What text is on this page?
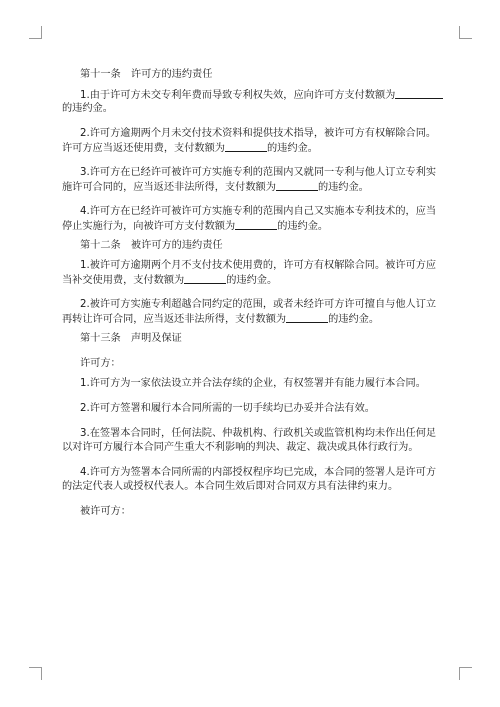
第十一条　许可方的违约责任
1.由于许可方未交专利年费而导致专利权失效，应向许可方支付数额为
的违约金。
2.许可方逾期两个月未交付技术资料和提供技术指导，被许可方有权解除合同。
许可方应当返还使用费，支付数额为	的违约金。
3.许可方在已经许可被许可方实施专利的范围内又就同一专利与他人订立专利实
施许可合同的，应当返还非法所得，支付数额为	的违约金。
4.许可方在已经许可被许可方实施专利的范围内自己又实施本专利技术的，应当
停止实施行为，向被许可方支付数额为	的违约金。
第十二条　被许可方的违约责任
1.被许可方逾期两个月不支付技术使用费的，许可方有权解除合同。被许可方应
当补交使用费，支付数额为	的违约金。
2.被许可方实施专利超越合同约定的范围，或者未经许可方许可擅自与他人订立
再转让许可合同，应当返还非法所得，支付数额为	的违约金。
第十三条　声明及保证
许可方：
1.许可方为一家依法设立并合法存续的企业，有权签署并有能力履行本合同。
2.许可方签署和履行本合同所需的一切手续均已办妥并合法有效。
3.在签署本合同时，任何法院、仲裁机构、行政机关或监管机构均未作出任何足
以对许可方履行本合同产生重大不利影响的判决、裁定、裁决或具体行政行为。
4.许可方为签署本合同所需的内部授权程序均已完成，本合同的签署人是许可方
的法定代表人或授权代表人。本合同生效后即对合同双方具有法律约束力。
被许可方：
